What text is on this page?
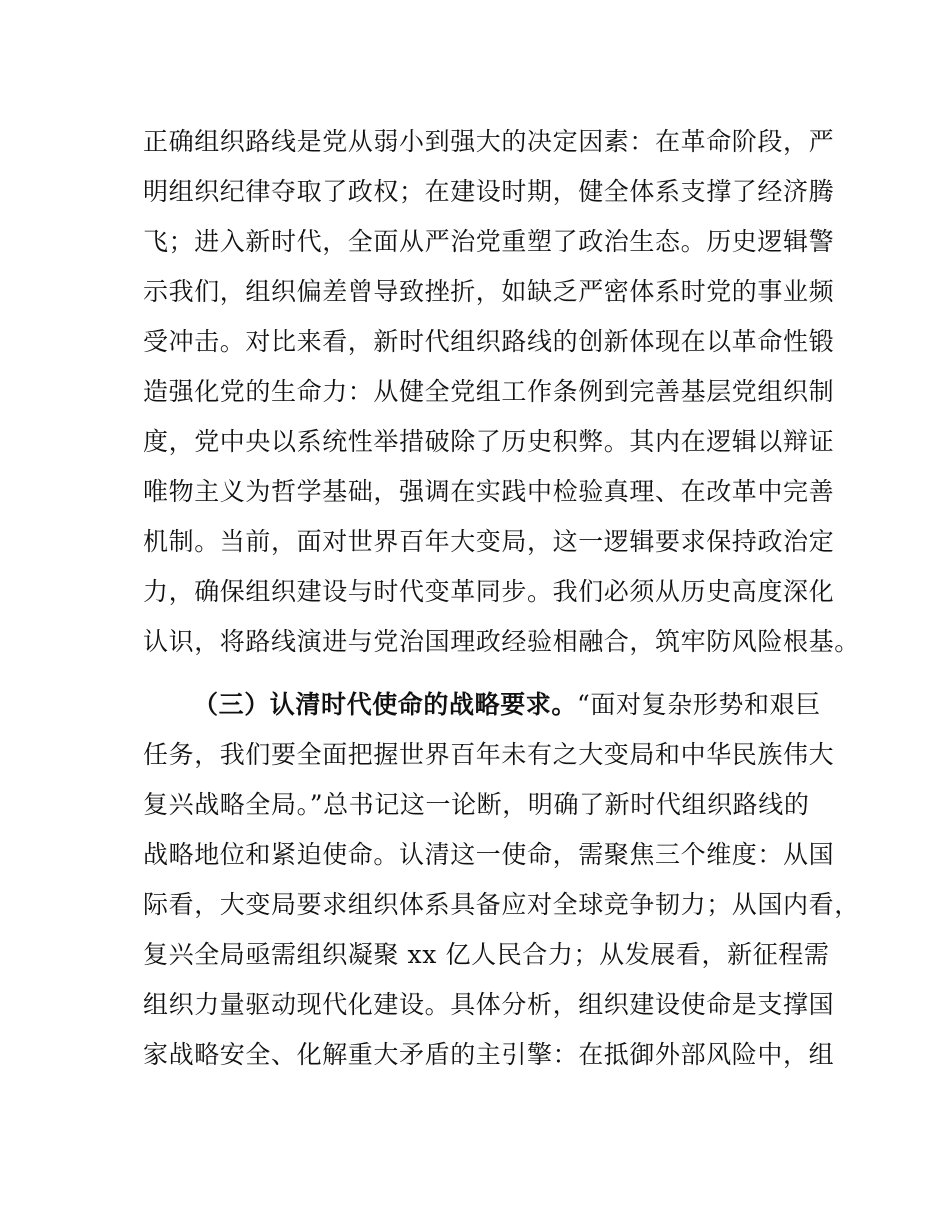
正确组织路线是党从弱小到强大的决定因素：在革命阶段，严
明组织纪律夺取了政权；在建设时期，健全体系支撑了经济腾
飞；进入新时代，全面从严治党重塑了政治生态。历史逻辑警
示我们，组织偏差曾导致挫折，如缺乏严密体系时党的事业频
受冲击。对比来看，新时代组织路线的创新体现在以革命性锻
造强化党的生命力：从健全党组工作条例到完善基层党组织制
度，党中央以系统性举措破除了历史积弊。其内在逻辑以辩证
唯物主义为哲学基础，强调在实践中检验真理、在改革中完善
机制。当前，面对世界百年大变局，这一逻辑要求保持政治定
力，确保组织建设与时代变革同步。我们必须从历史高度深化
认识，将路线演进与党治国理政经验相融合，筑牢防风险根基。
（三）认清时代使命的战略要求。“面对复杂形势和艰巨
任务，我们要全面把握世界百年未有之大变局和中华民族伟大
复兴战略全局。”总书记这一论断，明确了新时代组织路线的
战略地位和紧迫使命。认清这一使命，需聚焦三个维度：从国
际看，大变局要求组织体系具备应对全球竞争韧力；从国内看，
复兴全局亟需组织凝聚 xx 亿人民合力；从发展看，新征程需
组织力量驱动现代化建设。具体分析，组织建设使命是支撑国
家战略安全、化解重大矛盾的主引擎：在抵御外部风险中，组
